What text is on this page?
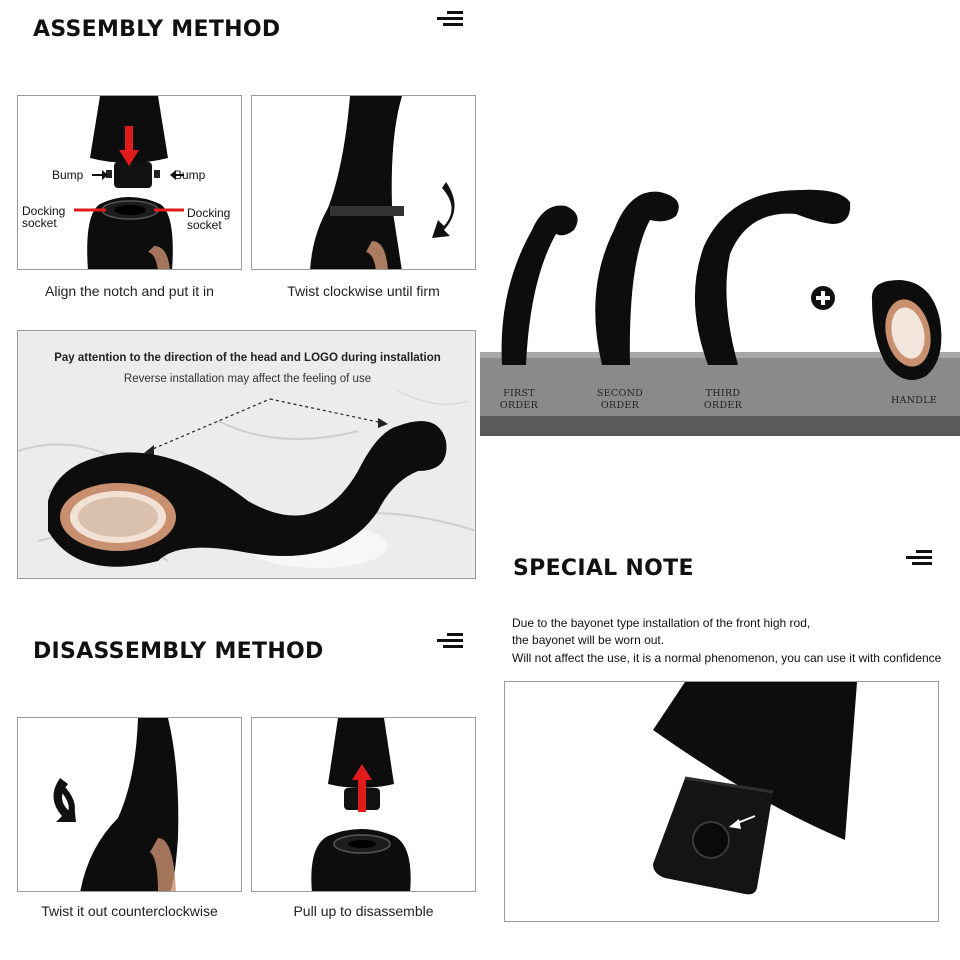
ASSEMBLY METHOD
Bump	Bump
Docking
socket
Docking
socket
Align the notch and put it in	Twist clockwise until firm
Pay attention to the direction of the head and LOGO during installation
Reverse installation may affect the feeling of use
DISASSEMBLY METHOD
Twist it out counterclockwise	Pull up to disassemble
FIRST
ORDER
SECOND
ORDER
THIRD
ORDER	HANDLE
SPECIAL NOTE
Due to the bayonet type installation of the front high rod,
the bayonet will be worn out.
Will not affect the use, it is a normal phenomenon, you can use it with confidence
